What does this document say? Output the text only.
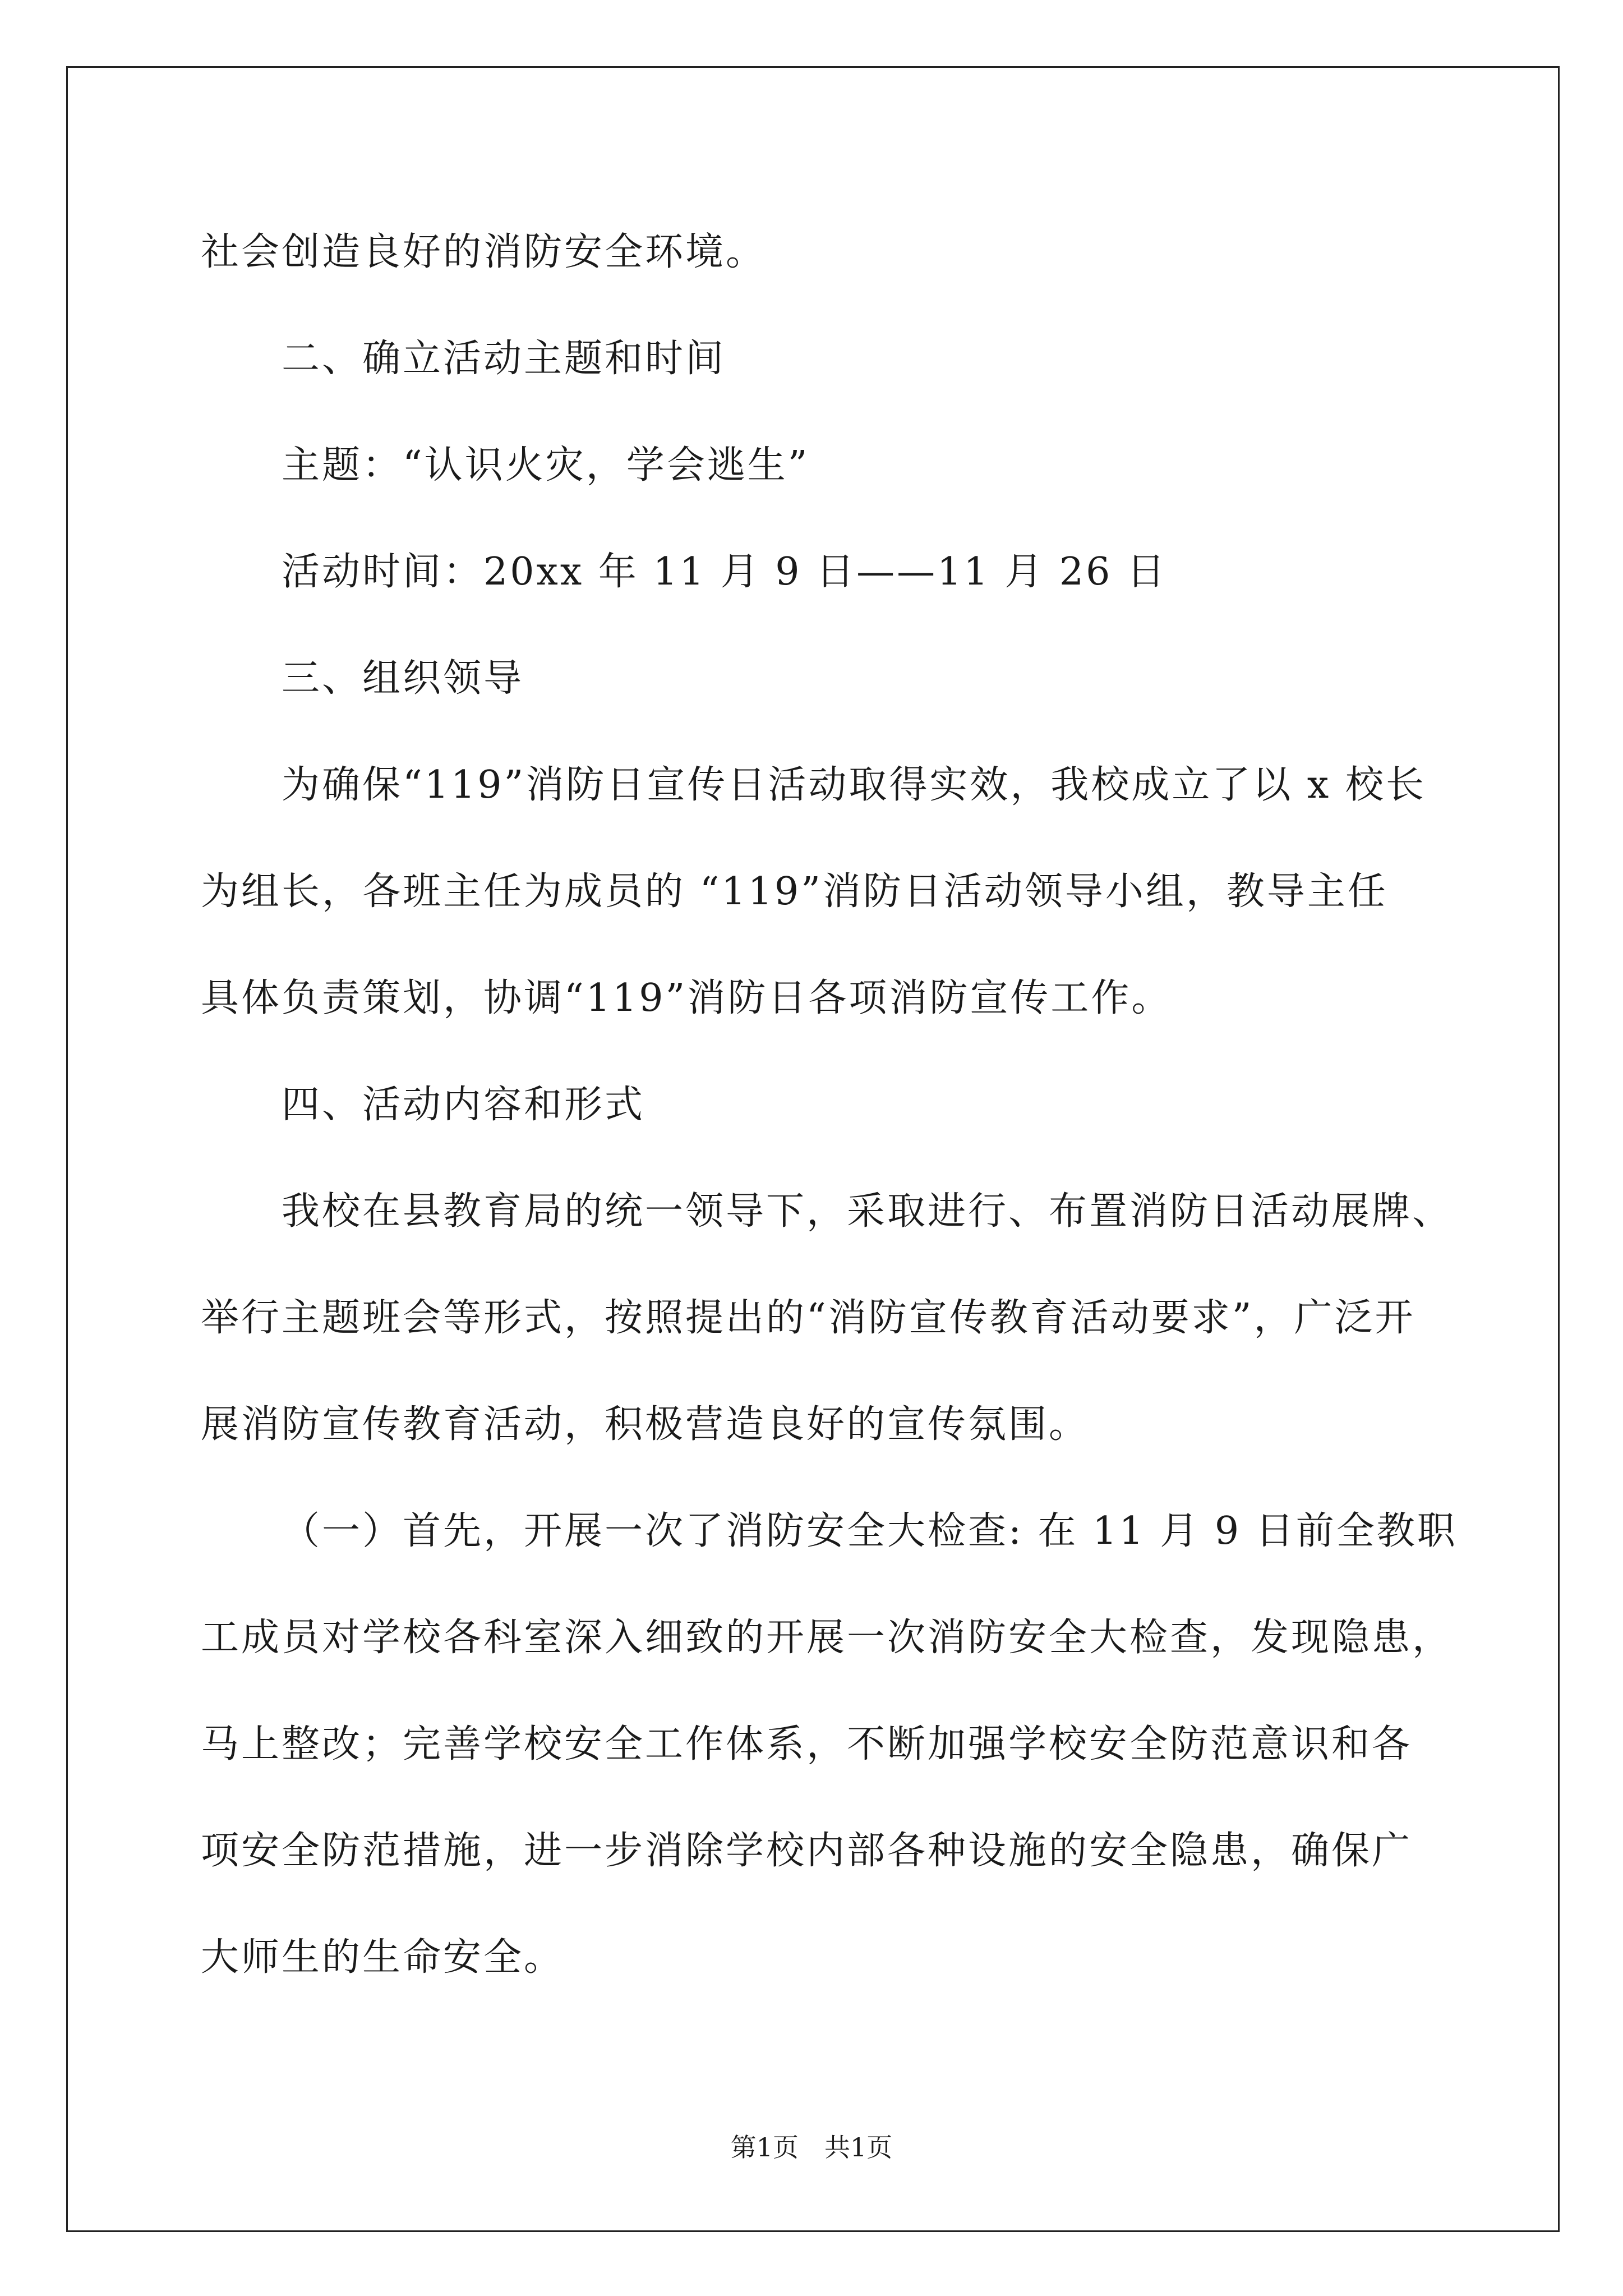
社会创造良好的消防安全环境。
二、确立活动主题和时间
主题：“认识火灾，学会逃生”
活动时间：20xx 年 11 月 9 日——11 月 26 日
三、组织领导
为确保“119”消防日宣传日活动取得实效，我校成立了以 x 校长
为组长，各班主任为成员的 “119”消防日活动领导小组，教导主任
具体负责策划，协调“119”消防日各项消防宣传工作。
四、活动内容和形式
我校在县教育局的统一领导下，采取进行、布置消防日活动展牌、
举行主题班会等形式，按照提出的“消防宣传教育活动要求”，广泛开
展消防宣传教育活动，积极营造良好的宣传氛围。
（一）首先，开展一次了消防安全大检查: 在 11 月 9 日前全教职
工成员对学校各科室深入细致的开展一次消防安全大检查，发现隐患，
马上整改；完善学校安全工作体系，不断加强学校安全防范意识和各
项安全防范措施，进一步消除学校内部各种设施的安全隐患，确保广
大师生的生命安全。
第1页　共1页
